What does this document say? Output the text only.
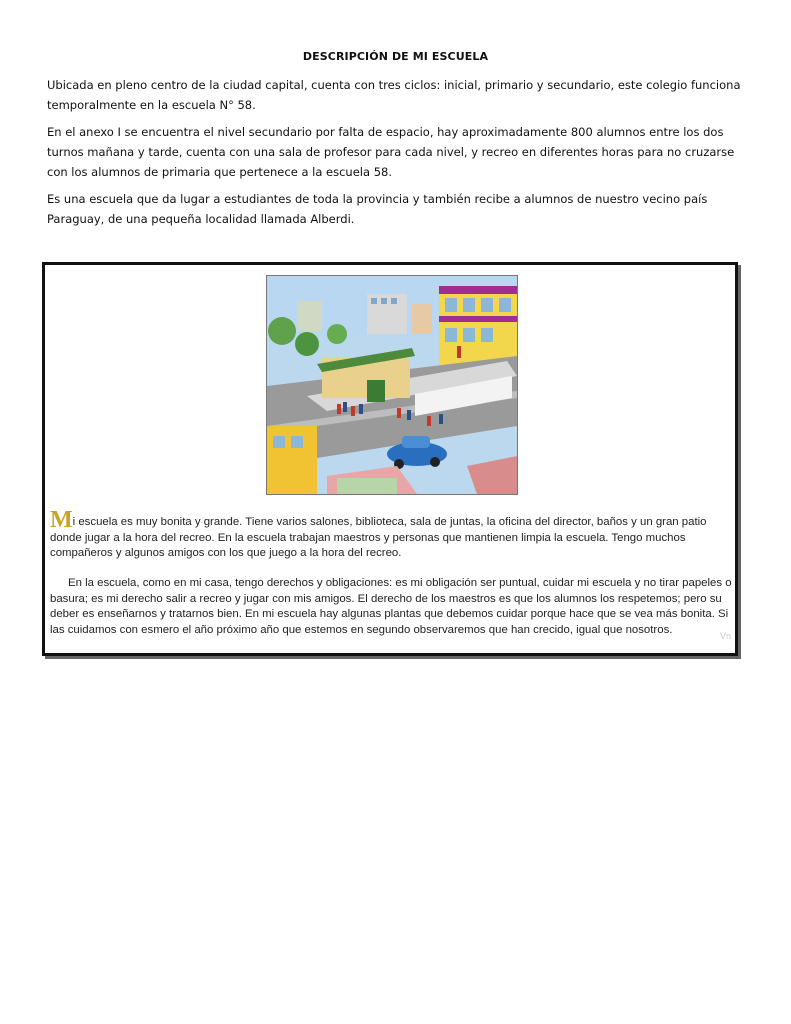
DESCRIPCIÓN DE MI ESCUELA

Ubicada en pleno centro de la ciudad capital, cuenta con tres ciclos: inicial, primario y secundario, este colegio funciona temporalmente en la escuela N° 58.

En el anexo I se encuentra el nivel secundario por falta de espacio, hay aproximadamente 800 alumnos entre los dos turnos mañana y tarde, cuenta con una sala de profesor para cada nivel, y recreo en diferentes horas para no cruzarse con los alumnos de primaria que pertenece a la escuela 58.

Es una escuela que da lugar a estudiantes de toda la provincia y también recibe a alumnos de nuestro vecino país Paraguay, de una pequeña localidad llamada Alberdi.

Mi escuela es muy bonita y grande. Tiene varios salones, biblioteca, sala de juntas, la oficina del director, baños y un gran patio donde jugar a la hora del recreo. En la escuela trabajan maestros y personas que mantienen limpia la escuela. Tengo muchos compañeros y algunos amigos con los que juego a la hora del recreo.

En la escuela, como en mi casa, tengo derechos y obligaciones: es mi obligación ser puntual, cuidar mi escuela y no tirar papeles o basura; es mi derecho salir a recreo y jugar con mis amigos. El derecho de los maestros es que los alumnos los respetemos; pero su deber es enseñarnos y tratarnos bien. En mi escuela hay algunas plantas que debemos cuidar porque hace que se vea más bonita. Si las cuidamos con esmero el año próximo año que estemos en segundo observaremos que han crecido, igual que nosotros.

Vn
